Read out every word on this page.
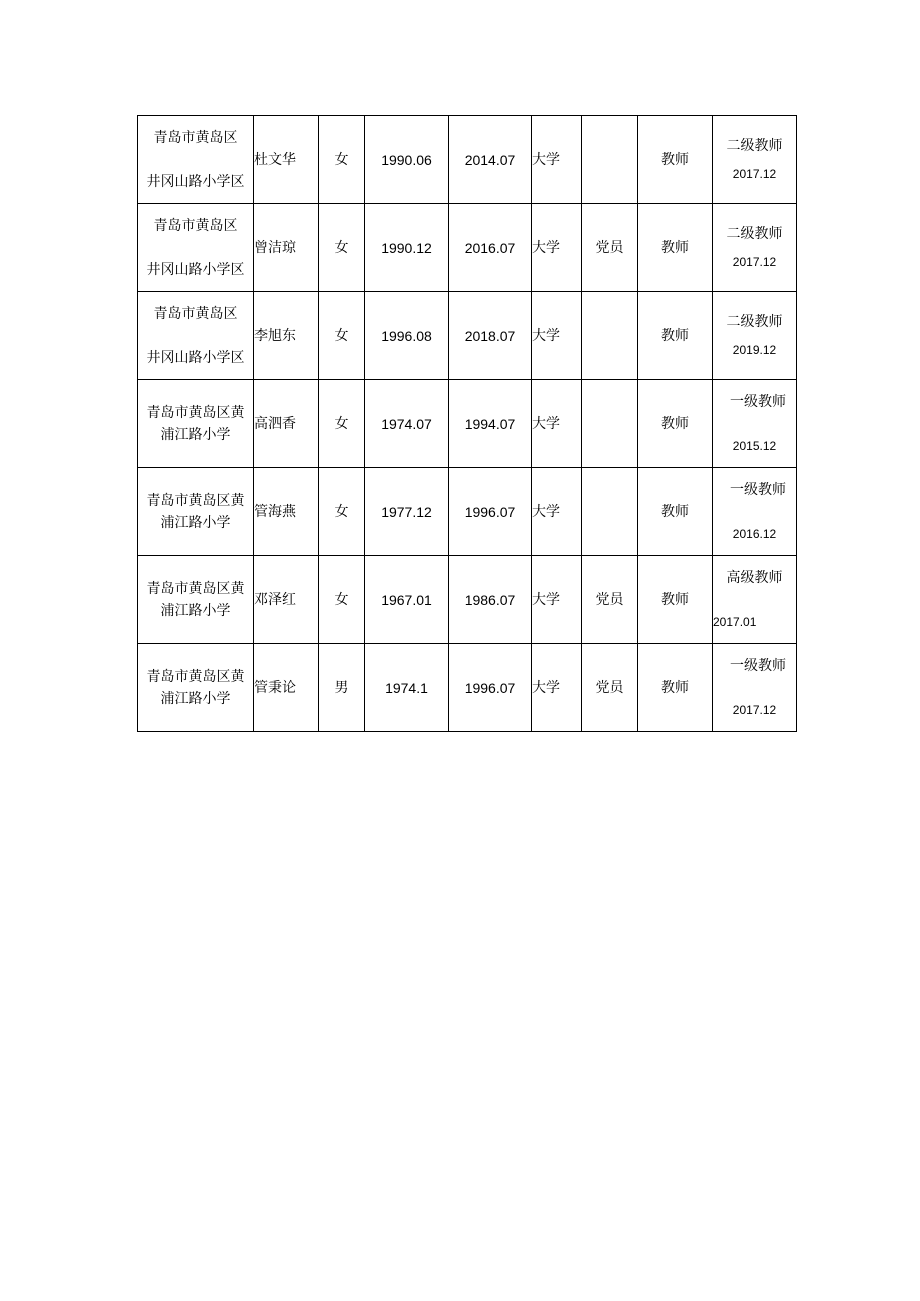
青岛市黄岛区
井冈山路小学区	杜文华	女	1990.06	2014.07	大学		教师	二级教师
2017.12

青岛市黄岛区
井冈山路小学区	曾洁琼	女	1990.12	2016.07	大学	党员	教师	二级教师
2017.12

青岛市黄岛区
井冈山路小学区	李旭东	女	1996.08	2018.07	大学		教师	二级教师
2019.12

青岛市黄岛区黄
浦江路小学	高泗香	女	1974.07	1994.07	大学		教师	一级教师
2015.12

青岛市黄岛区黄
浦江路小学	管海燕	女	1977.12	1996.07	大学		教师	一级教师
2016.12

青岛市黄岛区黄
浦江路小学	邓泽红	女	1967.01	1986.07	大学	党员	教师	高级教师
2017.01

青岛市黄岛区黄
浦江路小学	管秉论	男	1974.1	1996.07	大学	党员	教师	一级教师
2017.12
